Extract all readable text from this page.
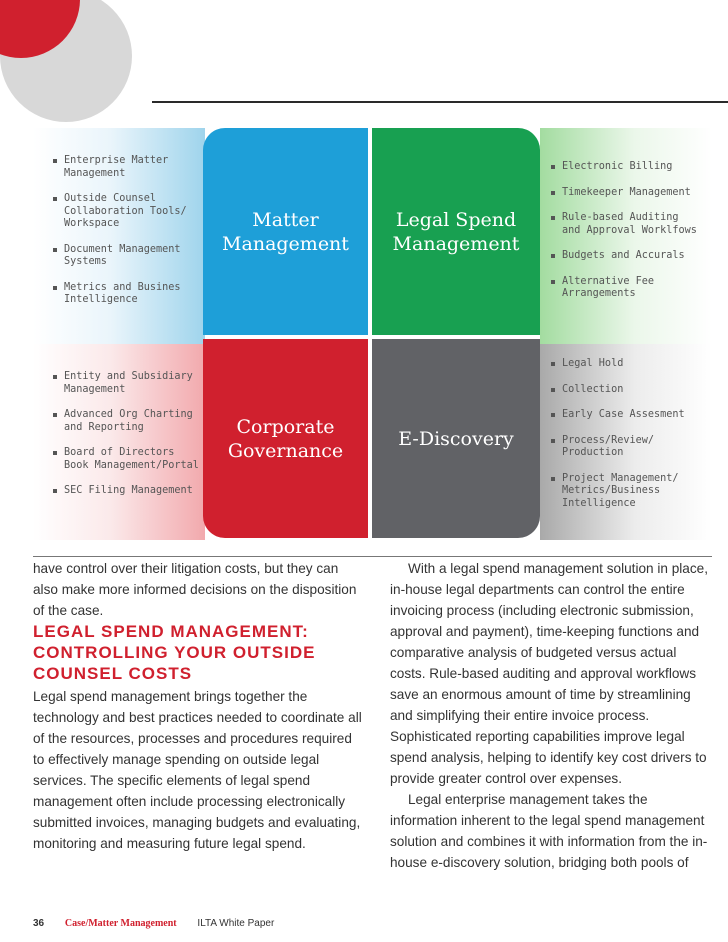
Matter
Management
Legal Spend
Management
Corporate
Governance
E-Discovery
Enterprise Matter Management
Outside Counsel Collaboration Tools/ Workspace
Document Management Systems
Metrics and Busines Intelligence
Electronic Billing
Timekeeper Management
Rule-based Auditing and Approval Worklfows
Budgets and Accurals
Alternative Fee Arrangements
Entity and Subsidiary Management
Advanced Org Charting and Reporting
Board of Directors Book Management/Portal
SEC Filing Management
Legal Hold
Collection
Early Case Assesment
Process/Review/ Production
Project Management/ Metrics/Business Intelligence

have control over their litigation costs, but they can also make more informed decisions on the disposition of the case.

LEGAL SPEND MANAGEMENT: CONTROLLING YOUR OUTSIDE COUNSEL COSTS

Legal spend management brings together the technology and best practices needed to coordinate all of the resources, processes and procedures required to effectively manage spending on outside legal services. The specific elements of legal spend management often include processing electronically submitted invoices, managing budgets and evaluating, monitoring and measuring future legal spend.

With a legal spend management solution in place, in-house legal departments can control the entire invoicing process (including electronic submission, approval and payment), time-keeping functions and comparative analysis of budgeted versus actual costs. Rule-based auditing and approval workflows save an enormous amount of time by streamlining and simplifying their entire invoice process. Sophisticated reporting capabilities improve legal spend analysis, helping to identify key cost drivers to provide greater control over expenses.

Legal enterprise management takes the information inherent to the legal spend management solution and combines it with information from the in-house e-discovery solution, bridging both pools of

36 Case/Matter Management ILTA White Paper
